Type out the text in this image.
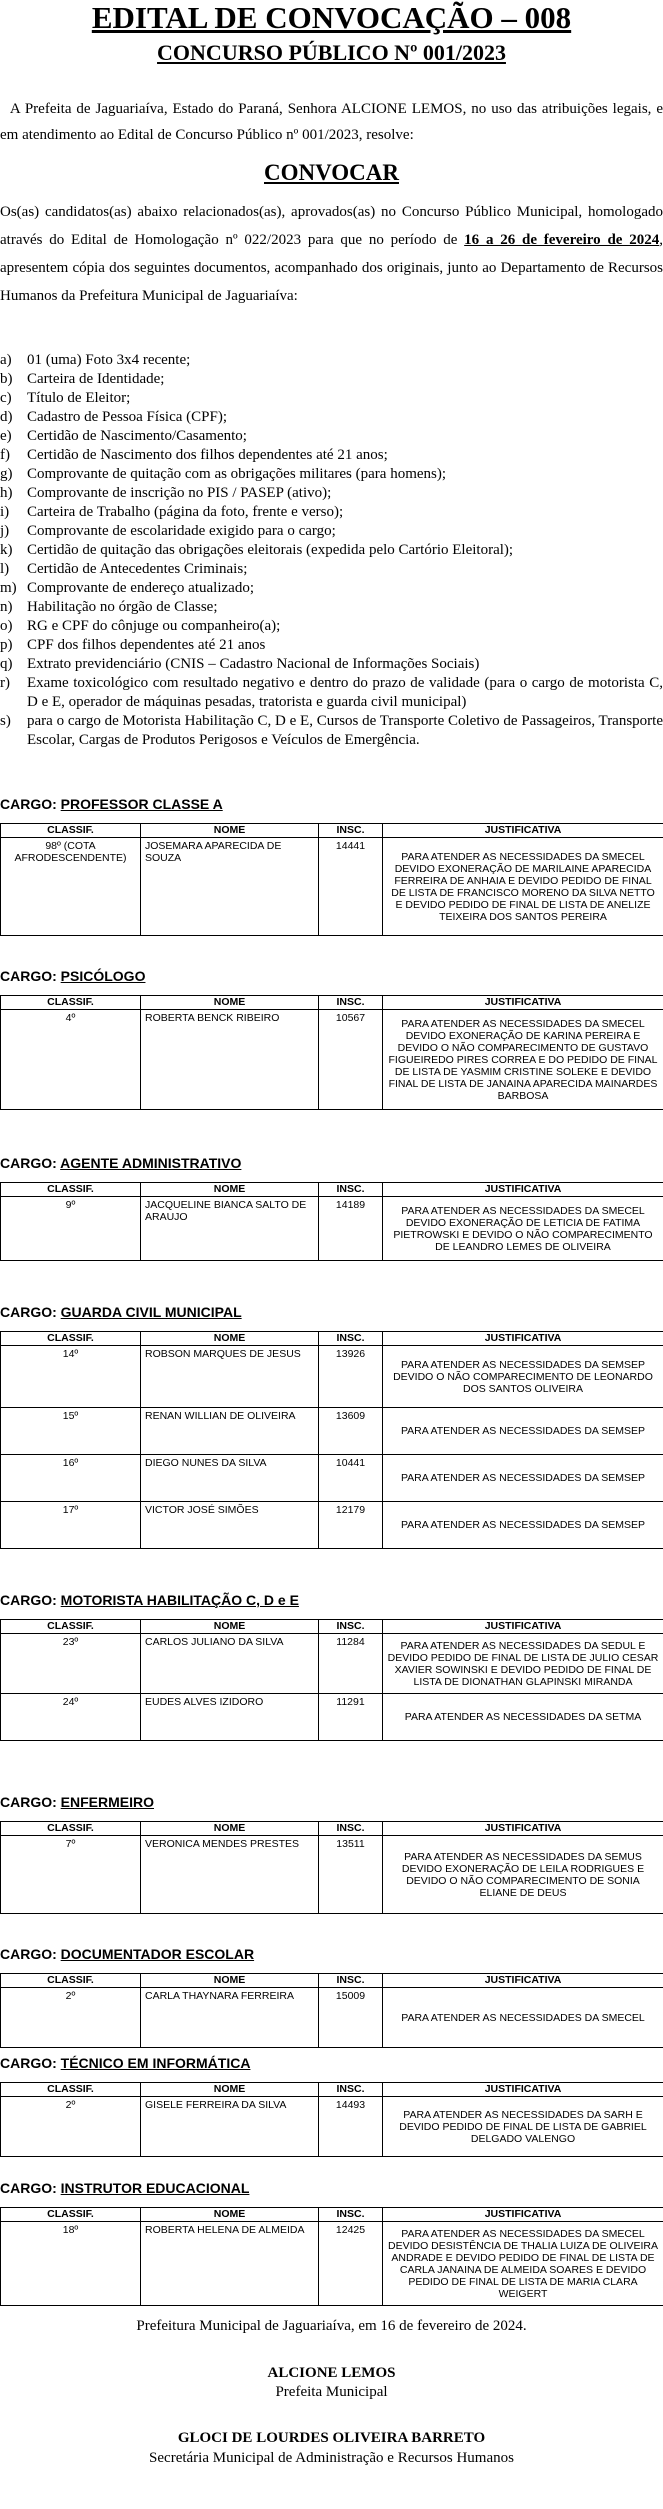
EDITAL DE CONVOCAÇÃO – 008
CONCURSO PÚBLICO Nº 001/2023
A Prefeita de Jaguariaíva, Estado do Paraná, Senhora ALCIONE LEMOS, no uso das atribuições legais, e em atendimento ao Edital de Concurso Público nº 001/2023, resolve:
CONVOCAR
Os(as) candidatos(as) abaixo relacionados(as), aprovados(as) no Concurso Público Municipal, homologado através do Edital de Homologação nº 022/2023 para que no período de 16 a 26 de fevereiro de 2024, apresentem cópia dos seguintes documentos, acompanhado dos originais, junto ao Departamento de Recursos Humanos da Prefeitura Municipal de Jaguariaíva:
a)	01 (uma) Foto 3x4 recente;
b) Carteira de Identidade;
c)	Título de Eleitor;
d) Cadastro de Pessoa Física (CPF);
e)	Certidão de Nascimento/Casamento;
f)	Certidão de Nascimento dos filhos dependentes até 21 anos;
g) Comprovante de quitação com as obrigações militares (para homens);
h) Comprovante de inscrição no PIS / PASEP (ativo);
i)	Carteira de Trabalho (página da foto, frente e verso);
j)	Comprovante de escolaridade exigido para o cargo;
k) Certidão de quitação das obrigações eleitorais (expedida pelo Cartório Eleitoral);
l)	Certidão de Antecedentes Criminais;
m) Comprovante de endereço atualizado;
n) Habilitação no órgão de Classe;
o) RG e CPF do cônjuge ou companheiro(a);
p) CPF dos filhos dependentes até 21 anos
q) Extrato previdenciário (CNIS – Cadastro Nacional de Informações Sociais)
r)	Exame toxicológico com resultado negativo e dentro do prazo de validade (para o cargo de motorista C, D e E, operador de máquinas pesadas, tratorista e guarda civil municipal)
s)	para o cargo de Motorista Habilitação C, D e E, Cursos de Transporte Coletivo de Passageiros, Transporte Escolar, Cargas de Produtos Perigosos e Veículos de Emergência.
CARGO: PROFESSOR CLASSE A
CLASSIF.	NOME	INSC.	JUSTIFICATIVA
98º (COTA AFRODESCENDENTE)	JOSEMARA APARECIDA DE SOUZA	14441	PARA ATENDER AS NECESSIDADES DA SMECEL DEVIDO EXONERAÇÃO DE MARILAINE APARECIDA FERREIRA DE ANHAIA E DEVIDO PEDIDO DE FINAL DE LISTA DE FRANCISCO MORENO DA SILVA NETTO E DEVIDO PEDIDO DE FINAL DE LISTA DE ANELIZE TEIXEIRA DOS SANTOS PEREIRA
CARGO: PSICÓLOGO
CLASSIF.	NOME	INSC.	JUSTIFICATIVA
4º	ROBERTA BENCK RIBEIRO	10567	PARA ATENDER AS NECESSIDADES DA SMECEL DEVIDO EXONERAÇÃO DE KARINA PEREIRA E DEVIDO O NÃO COMPARECIMENTO DE GUSTAVO FIGUEIREDO PIRES CORREA E DO PEDIDO DE FINAL DE LISTA DE YASMIM CRISTINE SOLEKE E DEVIDO FINAL DE LISTA DE JANAINA APARECIDA MAINARDES BARBOSA
CARGO: AGENTE ADMINISTRATIVO
CLASSIF.	NOME	INSC.	JUSTIFICATIVA
9º	JACQUELINE BIANCA SALTO DE ARAUJO	14189	PARA ATENDER AS NECESSIDADES DA SMECEL DEVIDO EXONERAÇÃO DE LETICIA DE FATIMA PIETROWSKI E DEVIDO O NÃO COMPARECIMENTO DE LEANDRO LEMES DE OLIVEIRA
CARGO: GUARDA CIVIL MUNICIPAL
CLASSIF.	NOME	INSC.	JUSTIFICATIVA
14º	ROBSON MARQUES DE JESUS	13926	PARA ATENDER AS NECESSIDADES DA SEMSEP DEVIDO O NÃO COMPARECIMENTO DE LEONARDO DOS SANTOS OLIVEIRA
15º	RENAN WILLIAN DE OLIVEIRA	13609	PARA ATENDER AS NECESSIDADES DA SEMSEP
16º	DIEGO NUNES DA SILVA	10441	PARA ATENDER AS NECESSIDADES DA SEMSEP
17º	VICTOR JOSÉ SIMÕES	12179	PARA ATENDER AS NECESSIDADES DA SEMSEP
CARGO: MOTORISTA HABILITAÇÃO C, D e E
CLASSIF.	NOME	INSC.	JUSTIFICATIVA
23º	CARLOS JULIANO DA SILVA	11284	PARA ATENDER AS NECESSIDADES DA SEDUL E DEVIDO PEDIDO DE FINAL DE LISTA DE JULIO CESAR XAVIER SOWINSKI E DEVIDO PEDIDO DE FINAL DE LISTA DE DIONATHAN GLAPINSKI MIRANDA
24º	EUDES ALVES IZIDORO	11291	PARA ATENDER AS NECESSIDADES DA SETMA
CARGO: ENFERMEIRO
CLASSIF.	NOME	INSC.	JUSTIFICATIVA
7º	VERONICA MENDES PRESTES	13511	PARA ATENDER AS NECESSIDADES DA SEMUS DEVIDO EXONERAÇÃO DE LEILA RODRIGUES E DEVIDO O NÃO COMPARECIMENTO DE SONIA ELIANE DE DEUS
CARGO: DOCUMENTADOR ESCOLAR
CLASSIF.	NOME	INSC.	JUSTIFICATIVA
2º	CARLA THAYNARA FERREIRA	15009	PARA ATENDER AS NECESSIDADES DA SMECEL
CARGO: TÉCNICO EM INFORMÁTICA
CLASSIF.	NOME	INSC.	JUSTIFICATIVA
2º	GISELE FERREIRA DA SILVA	14493	PARA ATENDER AS NECESSIDADES DA SARH E DEVIDO PEDIDO DE FINAL DE LISTA DE GABRIEL DELGADO VALENGO
CARGO: INSTRUTOR EDUCACIONAL
CLASSIF.	NOME	INSC.	JUSTIFICATIVA
18º	ROBERTA HELENA DE ALMEIDA	12425	PARA ATENDER AS NECESSIDADES DA SMECEL DEVIDO DESISTÊNCIA DE THALIA LUIZA DE OLIVEIRA ANDRADE E DEVIDO PEDIDO DE FINAL DE LISTA DE CARLA JANAINA DE ALMEIDA SOARES E DEVIDO PEDIDO DE FINAL DE LISTA DE MARIA CLARA WEIGERT
Prefeitura Municipal de Jaguariaíva, em 16 de fevereiro de 2024.
ALCIONE LEMOS
Prefeita Municipal
GLOCI DE LOURDES OLIVEIRA BARRETO
Secretária Municipal de Administração e Recursos Humanos
